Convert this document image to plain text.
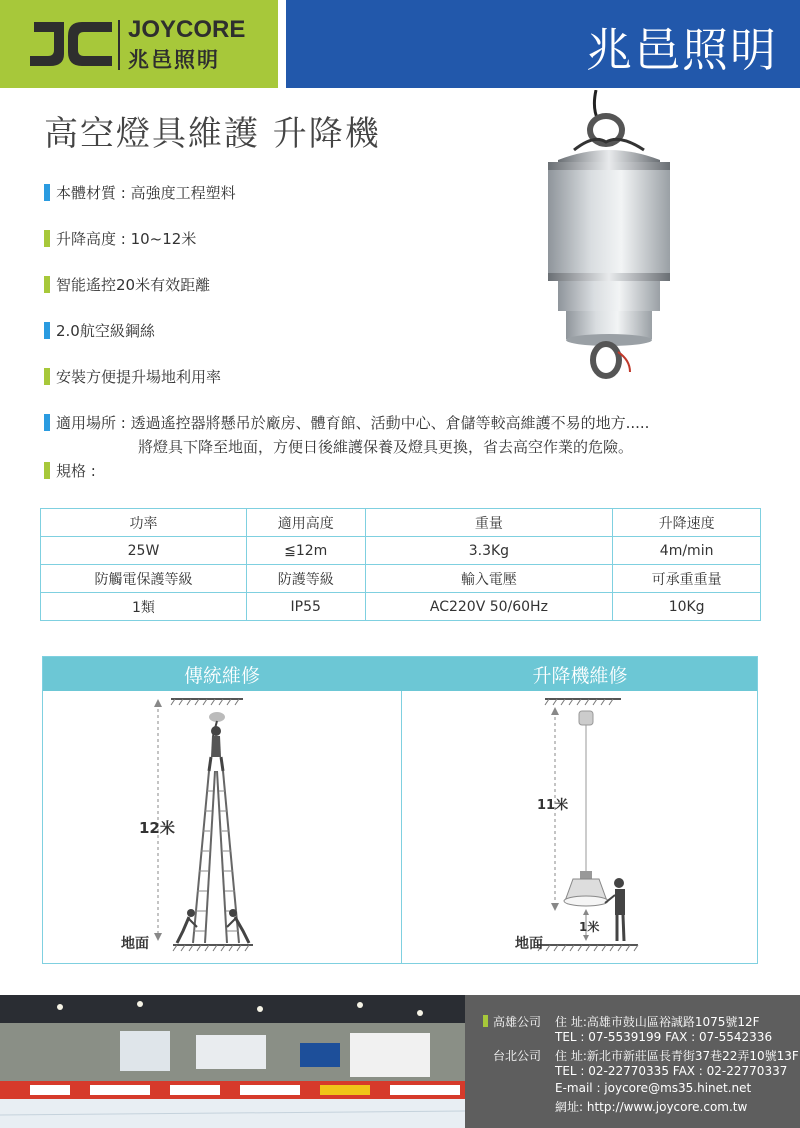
JOYCORE
兆邑照明	兆邑照明
高空燈具維護 升降機
本體材質 : 高強度工程塑料
升降高度 : 10~12米
智能遙控20米有效距離
2.0航空級鋼絲
安裝方便提升場地利用率
適用場所 : 透過遙控器將懸吊於廠房、體育館、活動中心、倉儲等較高維護不易的地方.....
將燈具下降至地面，方便日後維護保養及燈具更換，省去高空作業的危險。
規格 :
功率	適用高度	重量	升降速度
25W	≦12m	3.3Kg	4m/min
防觸電保護等級	防護等級	輸入電壓	可承重重量
1類	IP55	AC220V 50/60Hz	10Kg
傳統維修	升降機維修
12米
地面
11米
1米
地面
高雄公司 住 址:高雄市鼓山區裕誠路1075號12F
TEL : 07-5539199 FAX : 07-5542336
台北公司 住 址:新北市新莊區長青街37巷22弄10號13F
TEL : 02-22770335 FAX : 02-22770337
E-mail : joycore@ms35.hinet.net
網址: http://www.joycore.com.tw
